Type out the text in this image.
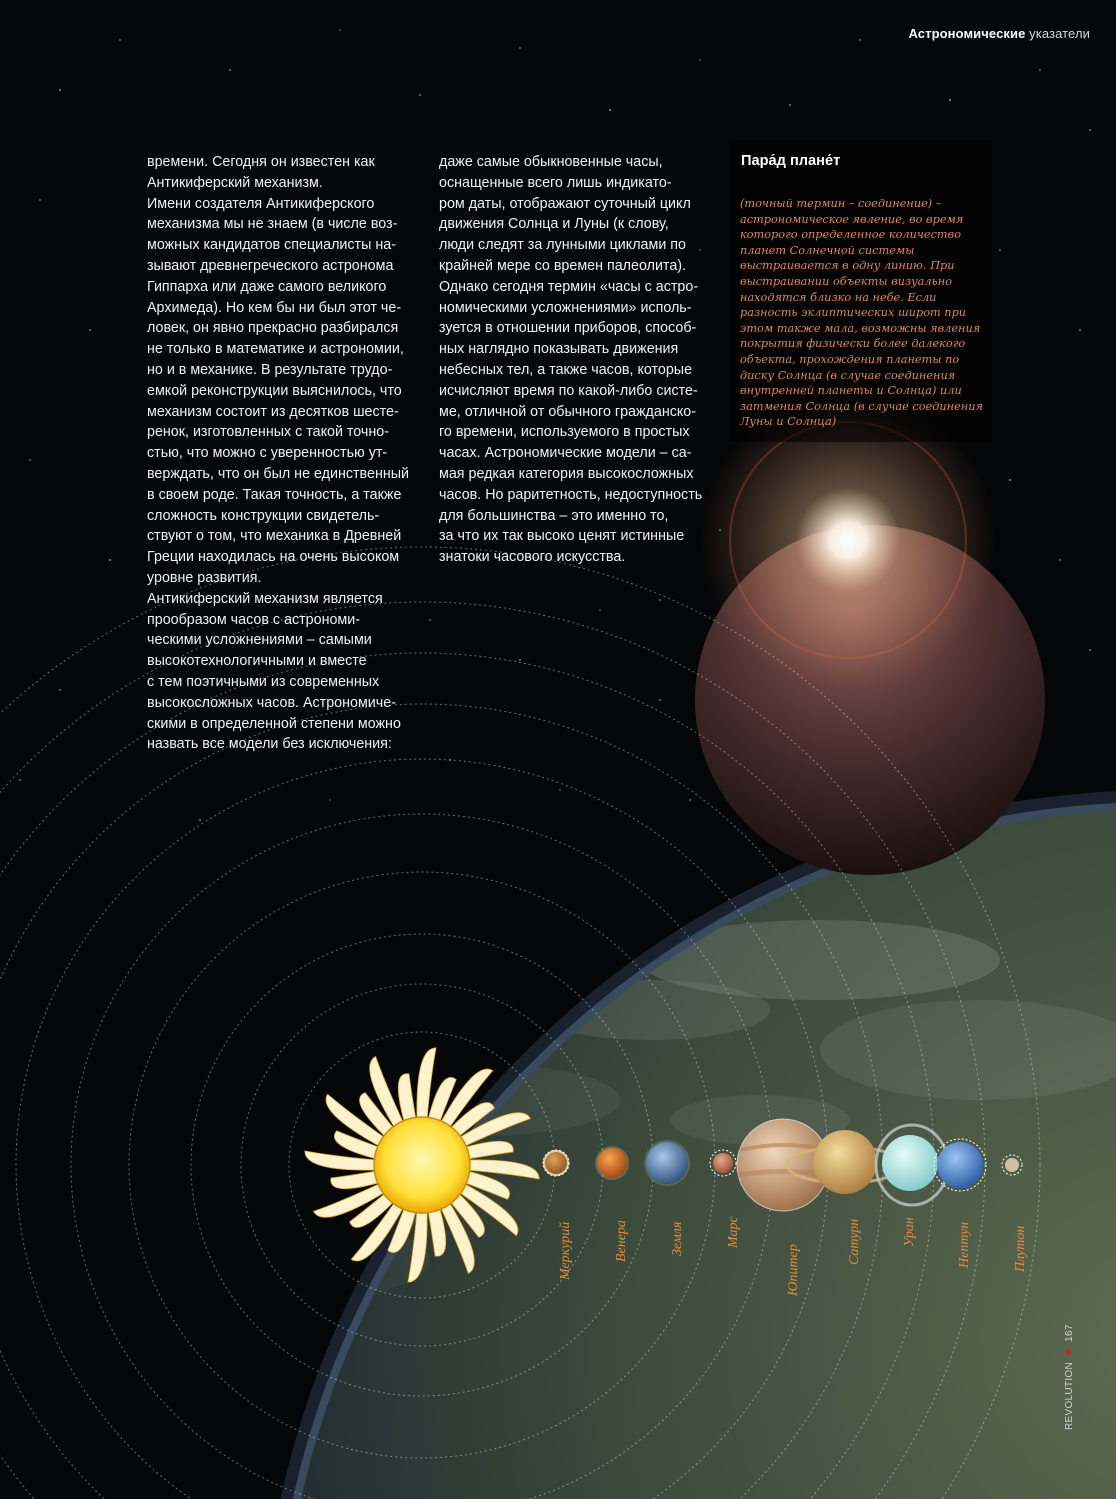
Астрономические указатели
времени. Сегодня он известен как
Антикиферский механизм.
Имени создателя Антикиферского
механизма мы не знаем (в числе воз-
можных кандидатов специалисты на-
зывают древнегреческого астронома
Гиппарха или даже самого великого
Архимеда). Но кем бы ни был этот че-
ловек, он явно прекрасно разбирался
не только в математике и астрономии,
но и в механике. В результате трудо-
емкой реконструкции выяснилось, что
механизм состоит из десятков шесте-
ренок, изготовленных с такой точно-
стью, что можно с уверенностью ут-
верждать, что он был не единственный
в своем роде. Такая точность, а также
сложность конструкции свидетель-
ствуют о том, что механика в Древней
Греции находилась на очень высоком
уровне развития.
Антикиферский механизм является
прообразом часов с астрономи-
ческими усложнениями – самыми
высокотехнологичными и вместе
с тем поэтичными из современных
высокосложных часов. Астрономиче-
скими в определенной степени можно
назвать все модели без исключения:
даже самые обыкновенные часы,
оснащенные всего лишь индикато-
ром даты, отображают суточный цикл
движения Солнца и Луны (к слову,
люди следят за лунными циклами по
крайней мере со времен палеолита).
Однако сегодня термин «часы с астро-
номическими усложнениями» исполь-
зуется в отношении приборов, способ-
ных наглядно показывать движения
небесных тел, а также часов, которые
исчисляют время по какой-либо систе-
ме, отличной от обычного гражданско-
го времени, используемого в простых
часах. Астрономические модели – са-
мая редкая категория высокосложных
часов. Но раритетность, недоступность
для большинства – это именно то,
за что их так высоко ценят истинные
знатоки часового искусства.
Пара́д плане́т
(точный термин – соединение) –
астрономическое явление, во время
которого определенное количество
планет Солнечной системы
выстраивается в одну линию. При
выстраивании объекты визуально
находятся близко на небе. Если
разность эклиптических широт при
этом также мала, возможны явления
покрытия физически более далекого
объекта, прохождения планеты по
диску Солнца (в случае соединения
внутренней планеты и Солнца) или
затмения Солнца (в случае соединения
Луны и Солнца)
Меркурий	Венера	Земля	Марс
Юпитер
Сатурн	Уран	Нептун	Плутон
REVOLUTION★167
